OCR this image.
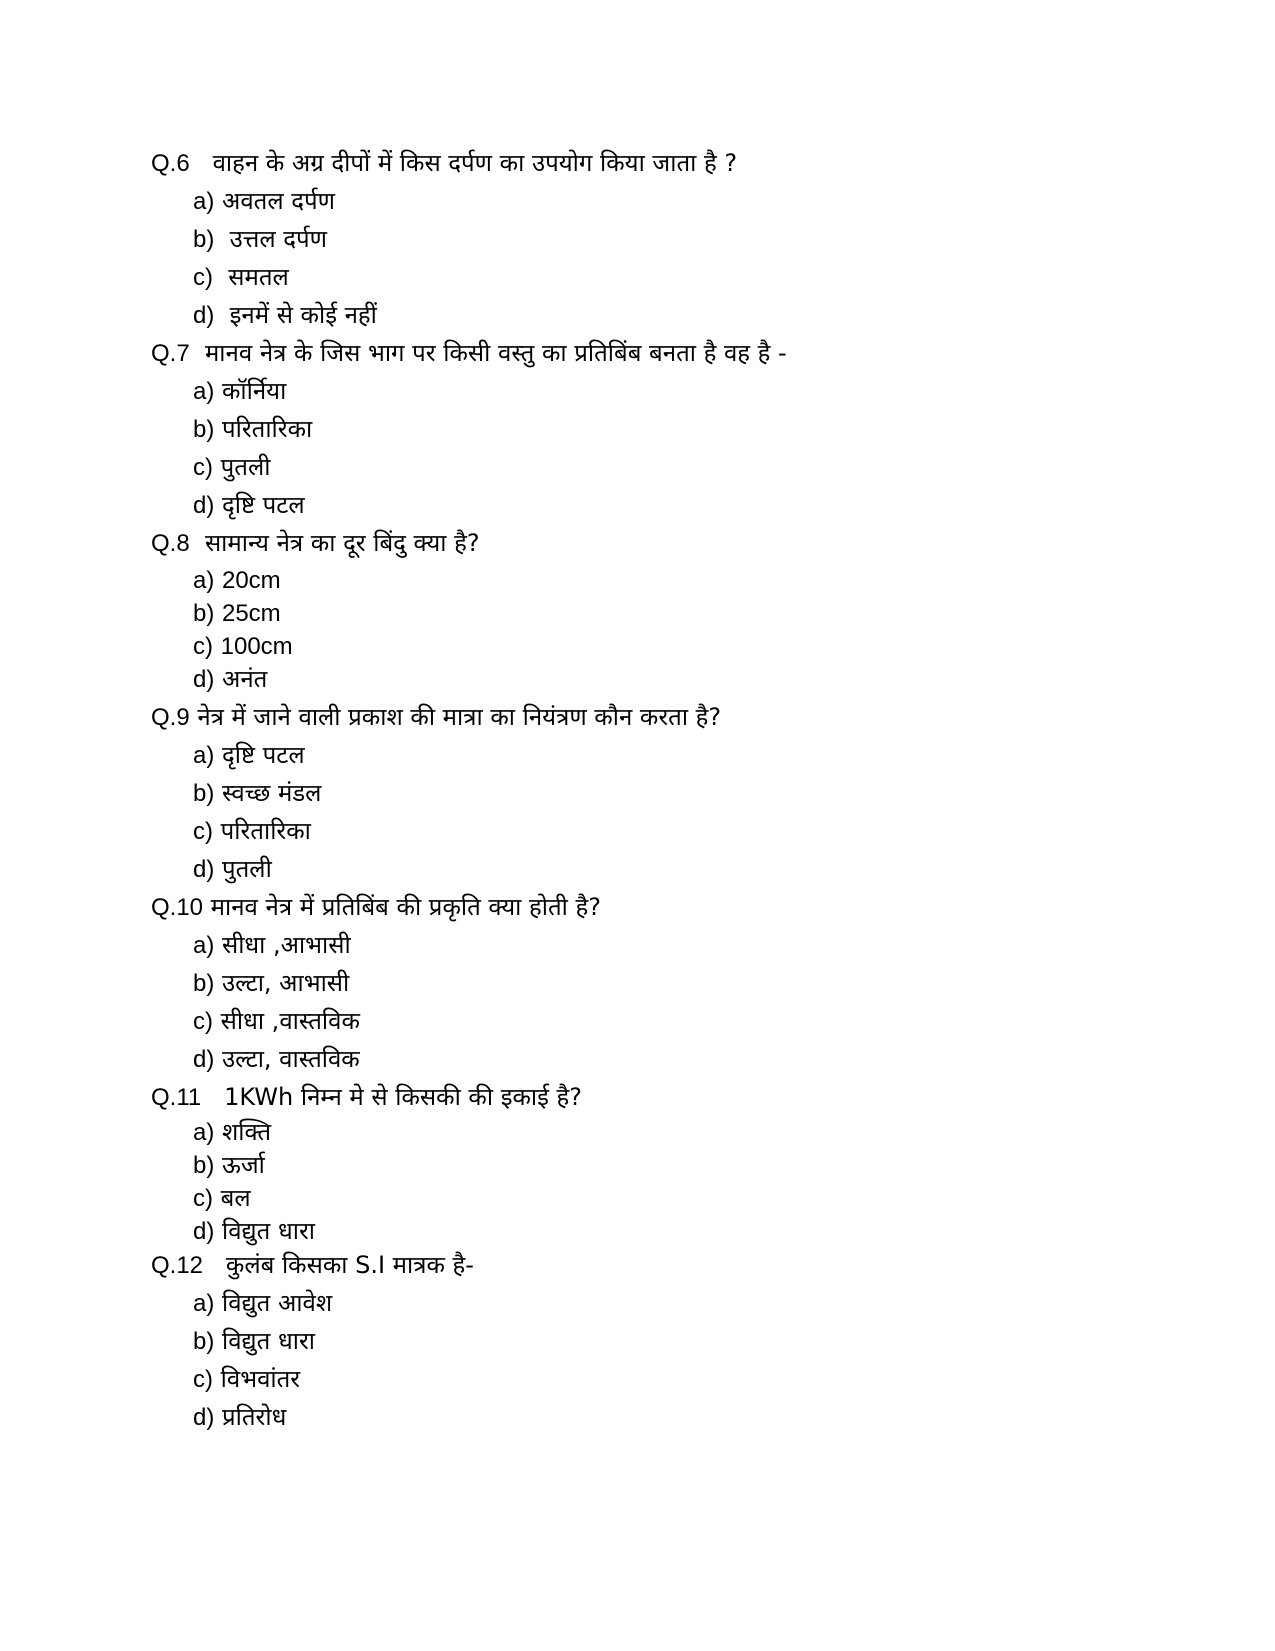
Q.6 वाहन के अग्र दीपों में किस दर्पण का उपयोग किया जाता है ?
a) अवतल दर्पण
b) उत्तल दर्पण
c) समतल
d) इनमें से कोई नहीं
Q.7 मानव नेत्र के जिस भाग पर किसी वस्तु का प्रतिबिंब बनता है वह है -
a) कॉर्निया
b) परितारिका
c) पुतली
d) दृष्टि पटल
Q.8 सामान्य नेत्र का दूर बिंदु क्या है?
a) 20cm
b) 25cm
c) 100cm
d) अनंत
Q.9 नेत्र में जाने वाली प्रकाश की मात्रा का नियंत्रण कौन करता है?
a) दृष्टि पटल
b) स्वच्छ मंडल
c) परितारिका
d) पुतली
Q.10 मानव नेत्र में प्रतिबिंब की प्रकृति क्या होती है?
a) सीधा ,आभासी
b) उल्टा, आभासी
c) सीधा ,वास्तविक
d) उल्टा, वास्तविक
Q.11 1KWh निम्न मे से किसकी की इकाई है?
a) शक्ति
b) ऊर्जा
c) बल
d) विद्युत धारा
Q.12 कुलंब किसका S.I मात्रक है-
a) विद्युत आवेश
b) विद्युत धारा
c) विभवांतर
d) प्रतिरोध
